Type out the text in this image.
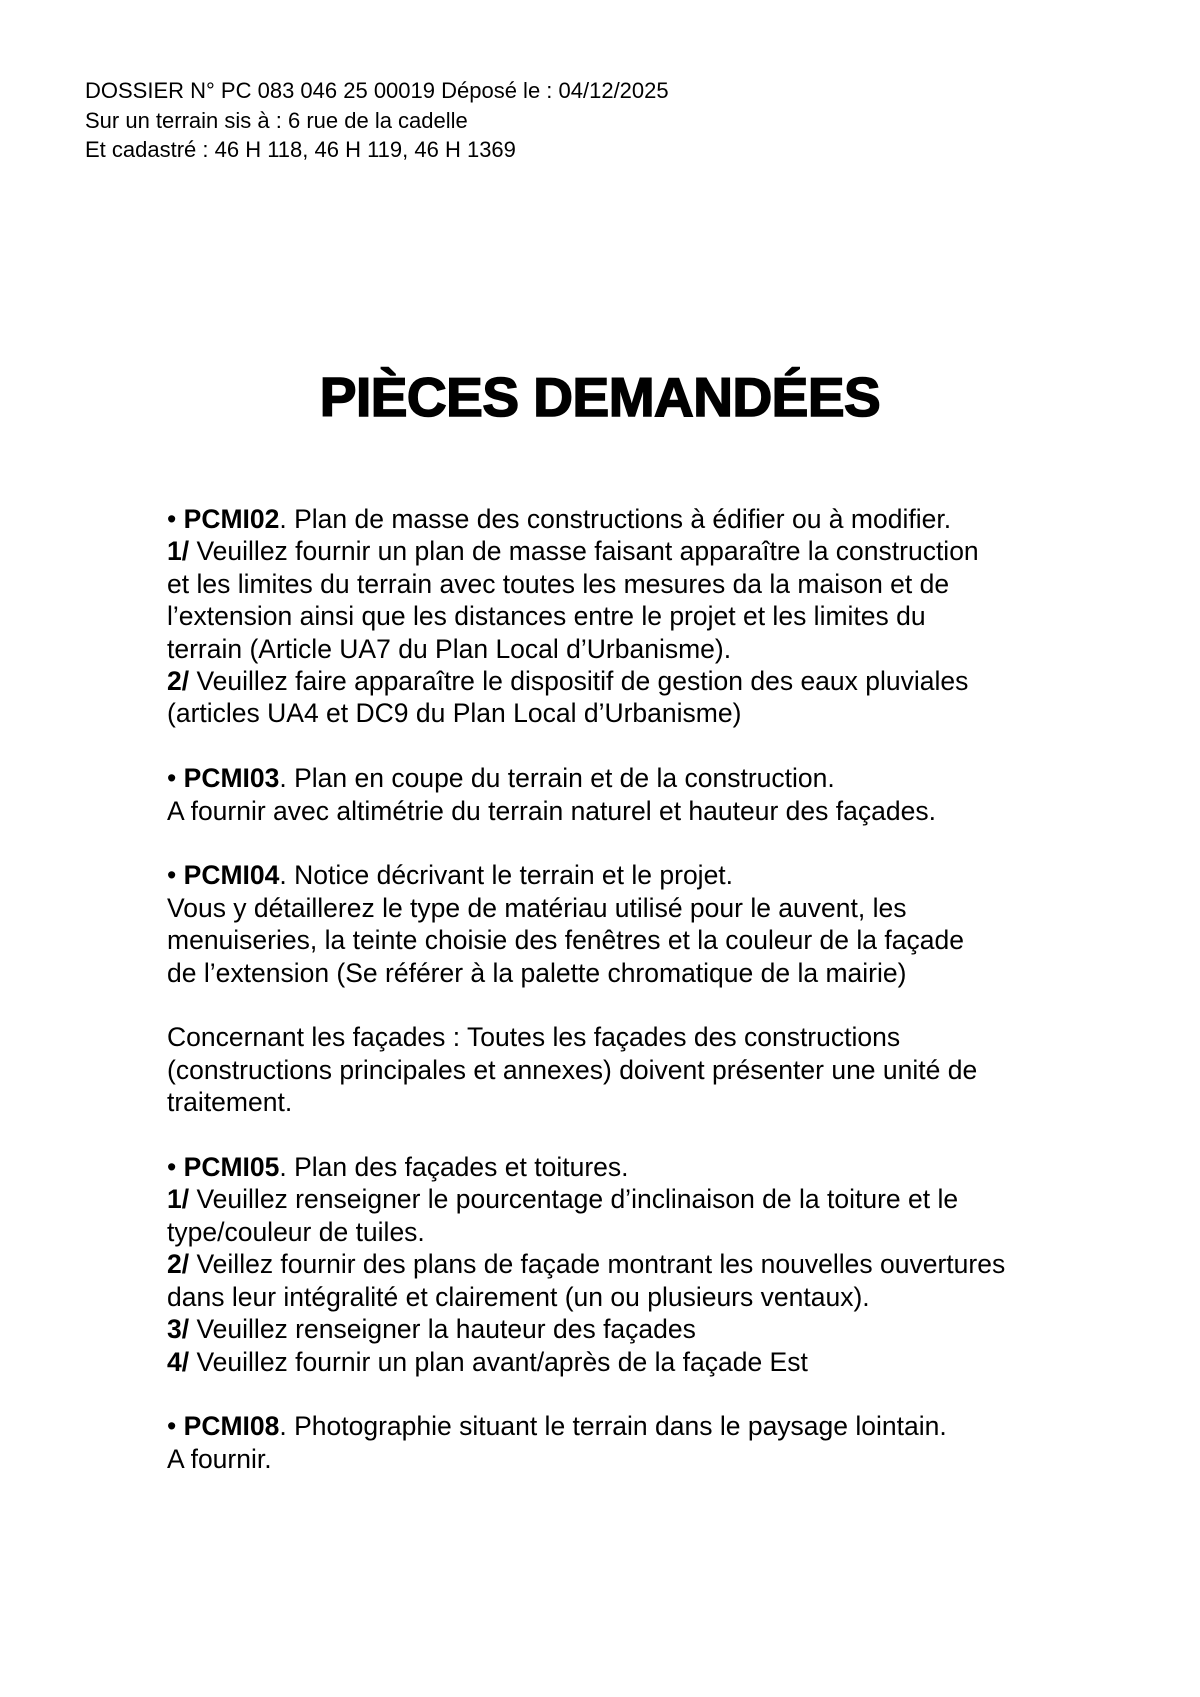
DOSSIER N° PC 083 046 25 00019 Déposé le : 04/12/2025
Sur un terrain sis à : 6 rue de la cadelle
Et cadastré : 46 H 118, 46 H 119, 46 H 1369
PIÈCES DEMANDÉES

• PCMI02. Plan de masse des constructions à édifier ou à modifier.
1/ Veuillez fournir un plan de masse faisant apparaître la construction
et les limites du terrain avec toutes les mesures da la maison et de
l’extension ainsi que les distances entre le projet et les limites du
terrain (Article UA7 du Plan Local d’Urbanisme).
2/ Veuillez faire apparaître le dispositif de gestion des eaux pluviales
(articles UA4 et DC9 du Plan Local d’Urbanisme)

• PCMI03. Plan en coupe du terrain et de la construction.
A fournir avec altimétrie du terrain naturel et hauteur des façades.

• PCMI04. Notice décrivant le terrain et le projet.
Vous y détaillerez le type de matériau utilisé pour le auvent, les
menuiseries, la teinte choisie des fenêtres et la couleur de la façade
de l’extension (Se référer à la palette chromatique de la mairie)

Concernant les façades : Toutes les façades des constructions
(constructions principales et annexes) doivent présenter une unité de
traitement.

• PCMI05. Plan des façades et toitures.
1/ Veuillez renseigner le pourcentage d’inclinaison de la toiture et le
type/couleur de tuiles.
2/ Veillez fournir des plans de façade montrant les nouvelles ouvertures
dans leur intégralité et clairement (un ou plusieurs ventaux).
3/ Veuillez renseigner la hauteur des façades
4/ Veuillez fournir un plan avant/après de la façade Est

• PCMI08. Photographie situant le terrain dans le paysage lointain.
A fournir.
